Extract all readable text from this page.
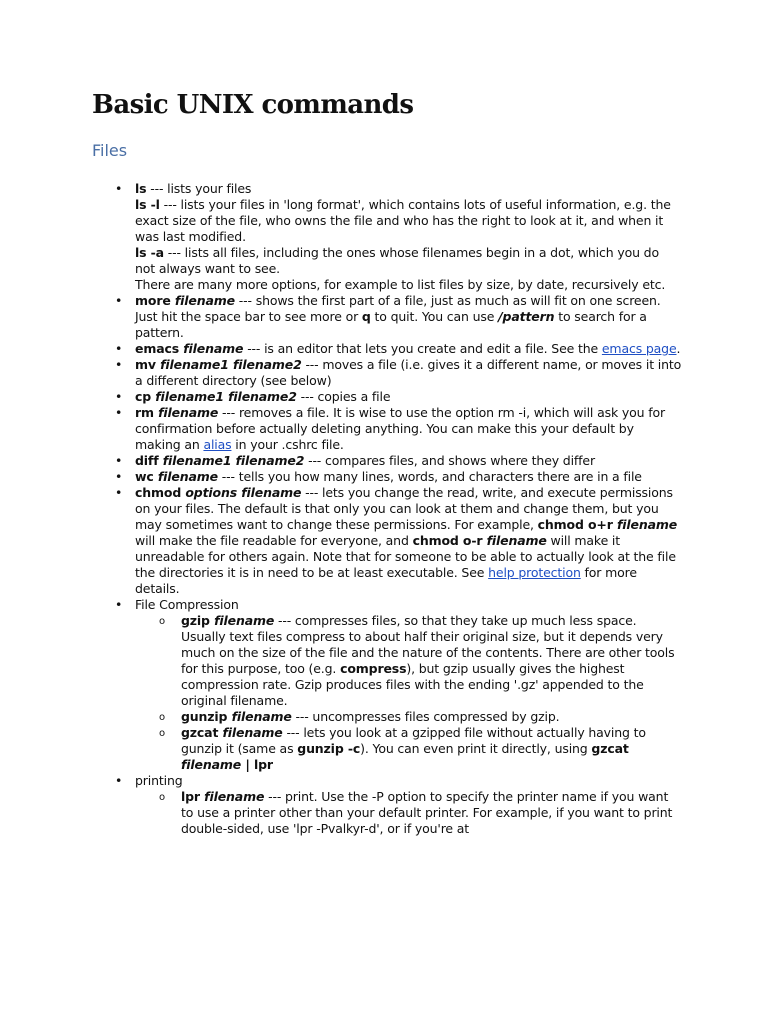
Basic UNIX commands
Files
• ls --- lists your files
ls -l --- lists your files in 'long format', which contains lots of useful information, e.g. the exact size of the file, who owns the file and who has the right to look at it, and when it was last modified.
ls -a --- lists all files, including the ones whose filenames begin in a dot, which you do not always want to see.
There are many more options, for example to list files by size, by date, recursively etc.
• more filename --- shows the first part of a file, just as much as will fit on one screen. Just hit the space bar to see more or q to quit. You can use /pattern to search for a pattern.
• emacs filename --- is an editor that lets you create and edit a file. See the emacs page.
• mv filename1 filename2 --- moves a file (i.e. gives it a different name, or moves it into a different directory (see below)
• cp filename1 filename2 --- copies a file
• rm filename --- removes a file. It is wise to use the option rm -i, which will ask you for confirmation before actually deleting anything. You can make this your default by making an alias in your .cshrc file.
• diff filename1 filename2 --- compares files, and shows where they differ
• wc filename --- tells you how many lines, words, and characters there are in a file
• chmod options filename --- lets you change the read, write, and execute permissions on your files. The default is that only you can look at them and change them, but you may sometimes want to change these permissions. For example, chmod o+r filename will make the file readable for everyone, and chmod o-r filename will make it unreadable for others again. Note that for someone to be able to actually look at the file the directories it is in need to be at least executable. See help protection for more details.
• File Compression
o gzip filename --- compresses files, so that they take up much less space. Usually text files compress to about half their original size, but it depends very much on the size of the file and the nature of the contents. There are other tools for this purpose, too (e.g. compress), but gzip usually gives the highest compression rate. Gzip produces files with the ending '.gz' appended to the original filename.
o gunzip filename --- uncompresses files compressed by gzip.
o gzcat filename --- lets you look at a gzipped file without actually having to gunzip it (same as gunzip -c). You can even print it directly, using gzcat filename | lpr
• printing
o lpr filename --- print. Use the -P option to specify the printer name if you want to use a printer other than your default printer. For example, if you want to print double-sided, use 'lpr -Pvalkyr-d', or if you're at
